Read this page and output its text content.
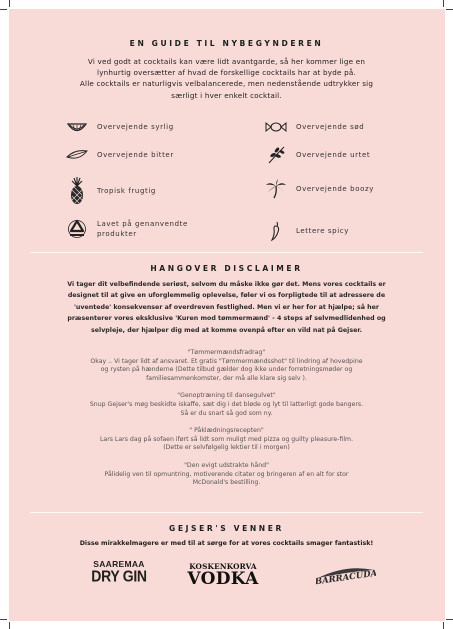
EN GUIDE TIL NYBEGYNDEREN
Vi ved godt at cocktails kan være lidt avantgarde, så her kommer lige en
lynhurtig oversætter af hvad de forskellige cocktails har at byde på.
Alle cocktails er naturligvis velbalancerede, men nedenstående udtrykker sig
særligt i hver enkelt cocktail.
Overvejende syrlig	Overvejende sød
Overvejende bitter	Overvejende urtet
Tropisk frugtig	Overvejende boozy
Lavet på genanvendte
produkter	Lettere spicy
HANGOVER DISCLAIMER
Vi tager dit velbefindende seriøst, selvom du måske ikke gør det. Mens vores cocktails er
designet til at give en uforglemmelig oplevelse, føler vi os forpligtede til at adressere de
'uventede' konsekvenser af overdreven festlighed. Men vi er her for at hjælpe; så her
præsenterer vores eksklusive 'Kuren mod tømmermænd' - 4 steps af selvmedlidenhed og
selvpleje, der hjælper dig med at komme ovenpå efter en vild nat på Gejser.
"Tømmermændsfradrag"
Okay .. Vi tager lidt af ansvaret. Et gratis "Tømmermændsshot" til lindring af hovedpine
og rysten på hænderne (Dette tilbud gælder dog ikke under forretningsmøder og
familiesammenkomster, der må alle klare sig selv ).
"Genoptræning til dansegulvet"
Snup Gejser's møg beskidte iskaffe, sæt dig i det bløde og lyt til latterligt gode bangers.
Så er du snart så god som ny.
" Påklædningsrecepten"
Lars Lars dag på sofaen iført så lidt som muligt med pizza og guilty pleasure-film.
(Dette er selvfølgelig lektier til i morgen)
"Den evigt udstrakte hånd"
Pålidelig ven til opmuntring, motiverende citater og bringeren af en alt for stor
McDonald's bestilling.
GEJSER'S VENNER
Disse mirakkelmagere er med til at sørge for at vores cocktails smager fantastisk!
SAAREMAA
DRY GIN
KOSKENKORVA
VODKA	BARRACUDA
